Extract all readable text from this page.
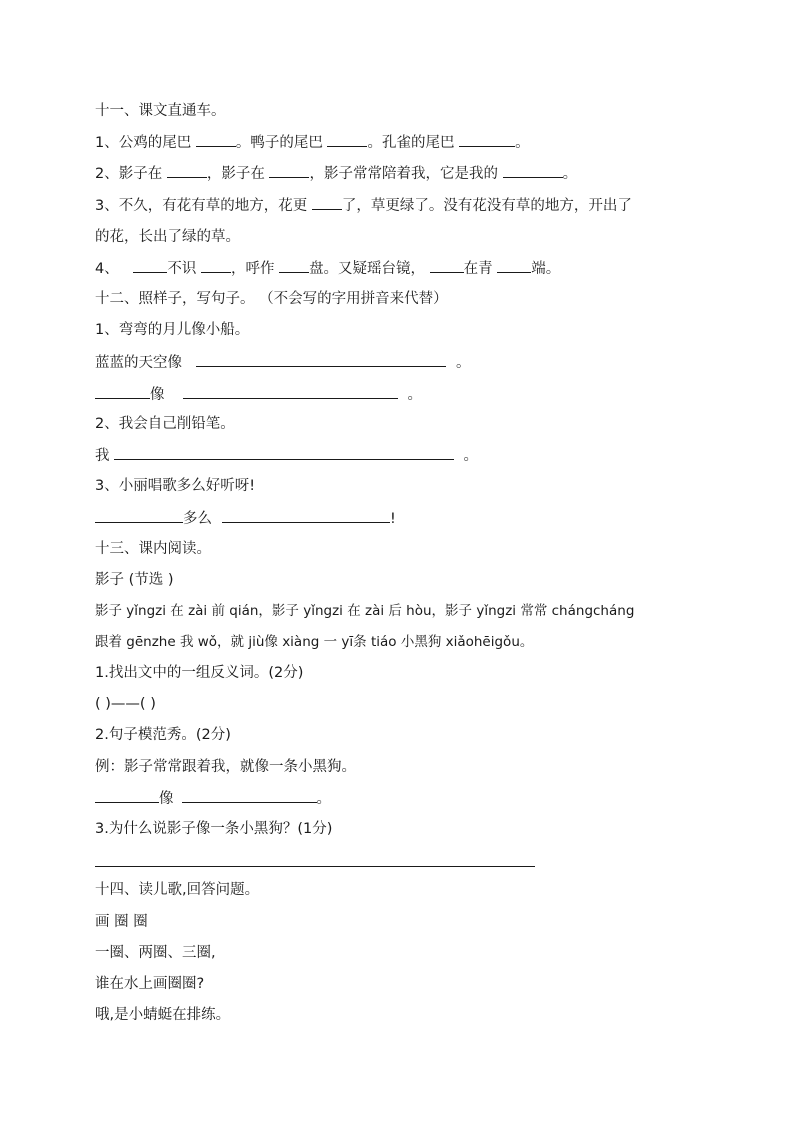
十一、课文直通车。
1、公鸡的尾巴	。鸭子的尾巴	。孔雀的尾巴	。
2、影子在	，影子在	，影子常常陪着我，它是我的	。
3、不久，有花有草的地方，花更 了，草更绿了。没有花没有草的地方，开出了
的花，长出了绿的草。
4、	不识 ，呼作 盘。又疑瑶台镜， 在青 端。
十二、照样子，写句子。 （不会写的字用拼音来代替）
1、弯弯的月儿像小船。
蓝蓝的天空像	。
像	。
2、我会自己削铅笔。
我	。
3、小丽唱歌多么好听呀!
多么	!
十三、课内阅读。
影子 (节选 )
影子 yǐngzi 在 zài 前 qián，影子 yǐngzi 在 zài 后 hòu，影子 yǐngzi 常常 chángcháng
跟着 gēnzhe 我 wǒ，就 jiù像 xiàng 一 yī条 tiáo 小黑狗 xiǎohēigǒu。
1.找出文中的一组反义词。(2分)
( )——( )
2.句子模范秀。(2分)
例：影子常常跟着我，就像一条小黑狗。
像	。
3.为什么说影子像一条小黑狗？(1分)
十四、读儿歌,回答问题。
画 圈 圈
一圈、两圈、三圈,
谁在水上画圈圈?
哦,是小蜻蜓在排练。
